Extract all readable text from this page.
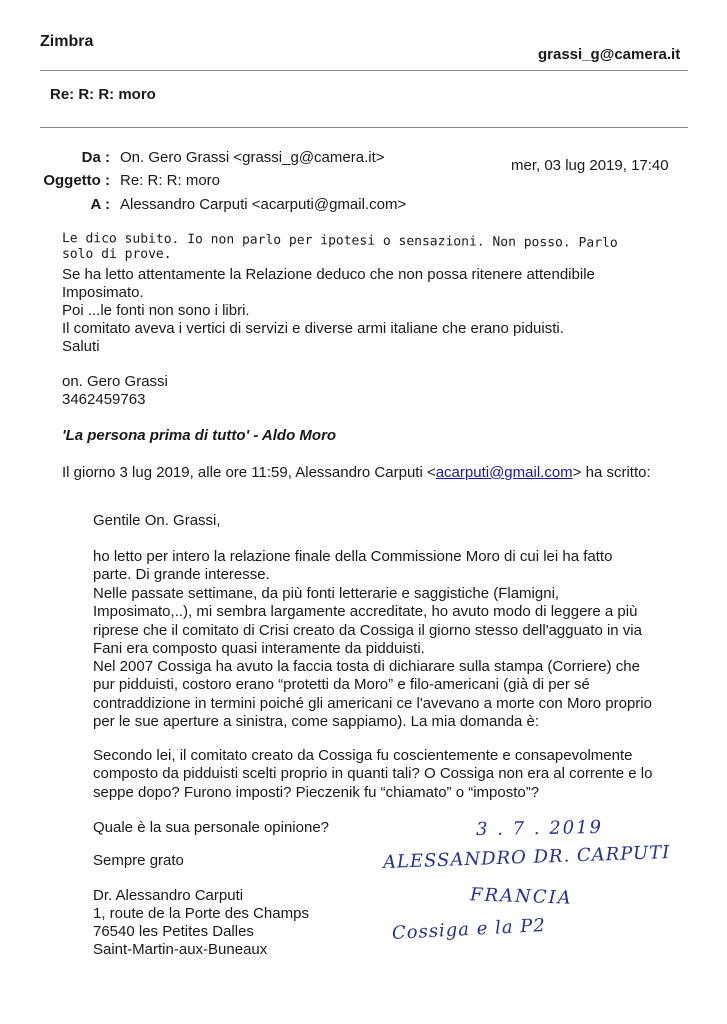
Zimbra
grassi_g@camera.it
Re: R: R: moro
Da : On. Gero Grassi <grassi_g@camera.it>	mer, 03 lug 2019, 17:40
Oggetto : Re: R: R: moro
A : Alessandro Carputi <acarputi@gmail.com>
Le dico subito. Io non parlo per ipotesi o sensazioni. Non posso. Parlo
solo di prove.
Se ha letto attentamente la Relazione deduco che non possa ritenere attendibile
Imposimato.
Poi ...le fonti non sono i libri.
Il comitato aveva i vertici di servizi e diverse armi italiane che erano piduisti.
Saluti
on. Gero Grassi
3462459763
'La persona prima di tutto' - Aldo Moro
Il giorno 3 lug 2019, alle ore 11:59, Alessandro Carputi <acarputi@gmail.com> ha scritto:
Gentile On. Grassi,
ho letto per intero la relazione finale della Commissione Moro di cui lei ha fatto parte. Di grande interesse.
Nelle passate settimane, da più fonti letterarie e saggistiche (Flamigni, Imposimato,..), mi sembra largamente accreditate, ho avuto modo di leggere a più riprese che il comitato di Crisi creato da Cossiga il giorno stesso dell'agguato in via Fani era composto quasi interamente da pidduisti.
Nel 2007 Cossiga ha avuto la faccia tosta di dichiarare sulla stampa (Corriere) che pur pidduisti, costoro erano “protetti da Moro” e filo-americani (già di per sé contraddizione in termini poiché gli americani ce l'avevano a morte con Moro proprio per le sue aperture a sinistra, come sappiamo). La mia domanda è:
Secondo lei, il comitato creato da Cossiga fu coscientemente e consapevolmente composto da pidduisti scelti proprio in quanti tali? O Cossiga non era al corrente e lo seppe dopo? Furono imposti? Pieczenik fu “chiamato” o “imposto”?
Quale è la sua personale opinione?
Sempre grato
Dr. Alessandro Carputi
1, route de la Porte des Champs
76540 les Petites Dalles
Saint-Martin-aux-Buneaux
3 . 7 . 2019
ALESSANDRO DR. CARPUTI
FRANCIA
Cossiga e la P2
